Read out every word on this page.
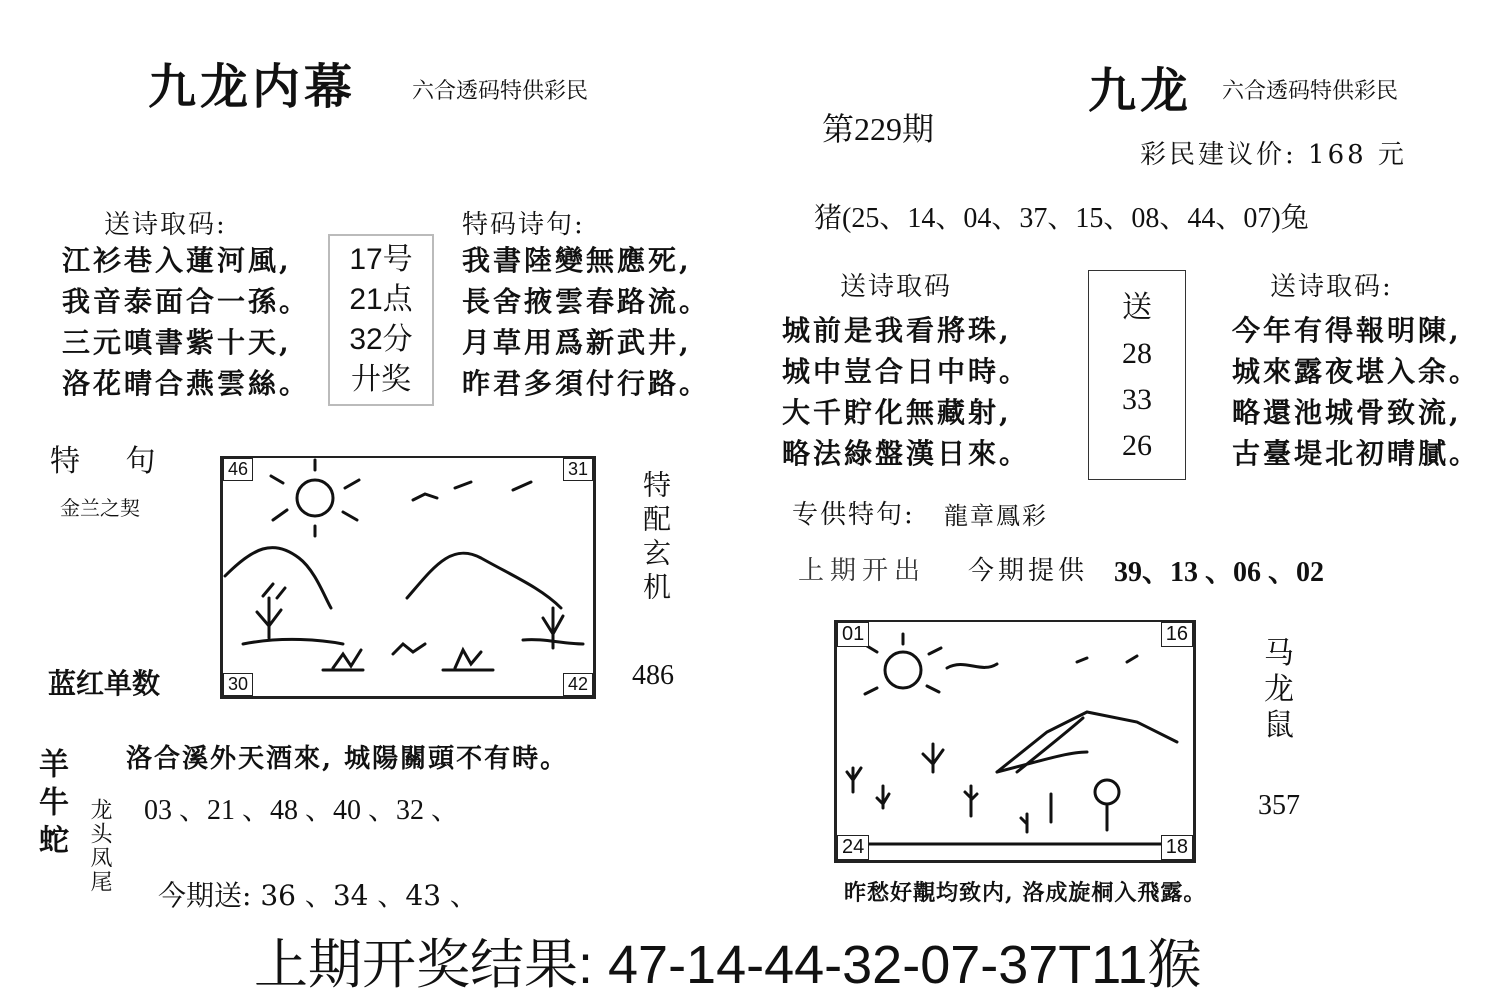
九龙内幕	六合透码特供彩民
第229期
九龙 六合透码特供彩民
彩民建议价: 168 元
送诗取码:
江衫巷入蓮河風,
我音泰面合一孫。
三元嗔書紫十天,
洛花晴合燕雲絲。
17号
21点
32分
廾奖
特码诗句:
我書陸變無應死,
長舍掖雲春路流。
月草用爲新武井,
昨君多須付行路。
特 句
金兰之契
46	31
30	42
特配玄机
蓝红单数	486
洛合溪外天酒來, 城陽關頭不有時。
羊牛蛇 龙头凤尾 03 、21 、48 、40 、32 、
今期送: 36 、34 、43 、
猪(25、14、04、37、15、08、44、07)兔
送诗取码
城前是我看將珠,
城中豈合日中時。
大千貯化無藏射,
略法綠盤漢日來。
送
28
33
26
送诗取码:
今年有得報明陳,
城來露夜堪入余。
略還池城骨致流,
古臺堤北初晴膩。
专供特句: 龍章鳳彩
上期开出 今期提供 39、13 、06 、02
01	16
24	18
马
龙
鼠
357
昨愁好覯均致内, 洛成旋桐入飛露。
上期开奖结果: 47-14-44-32-07-37T11猴
